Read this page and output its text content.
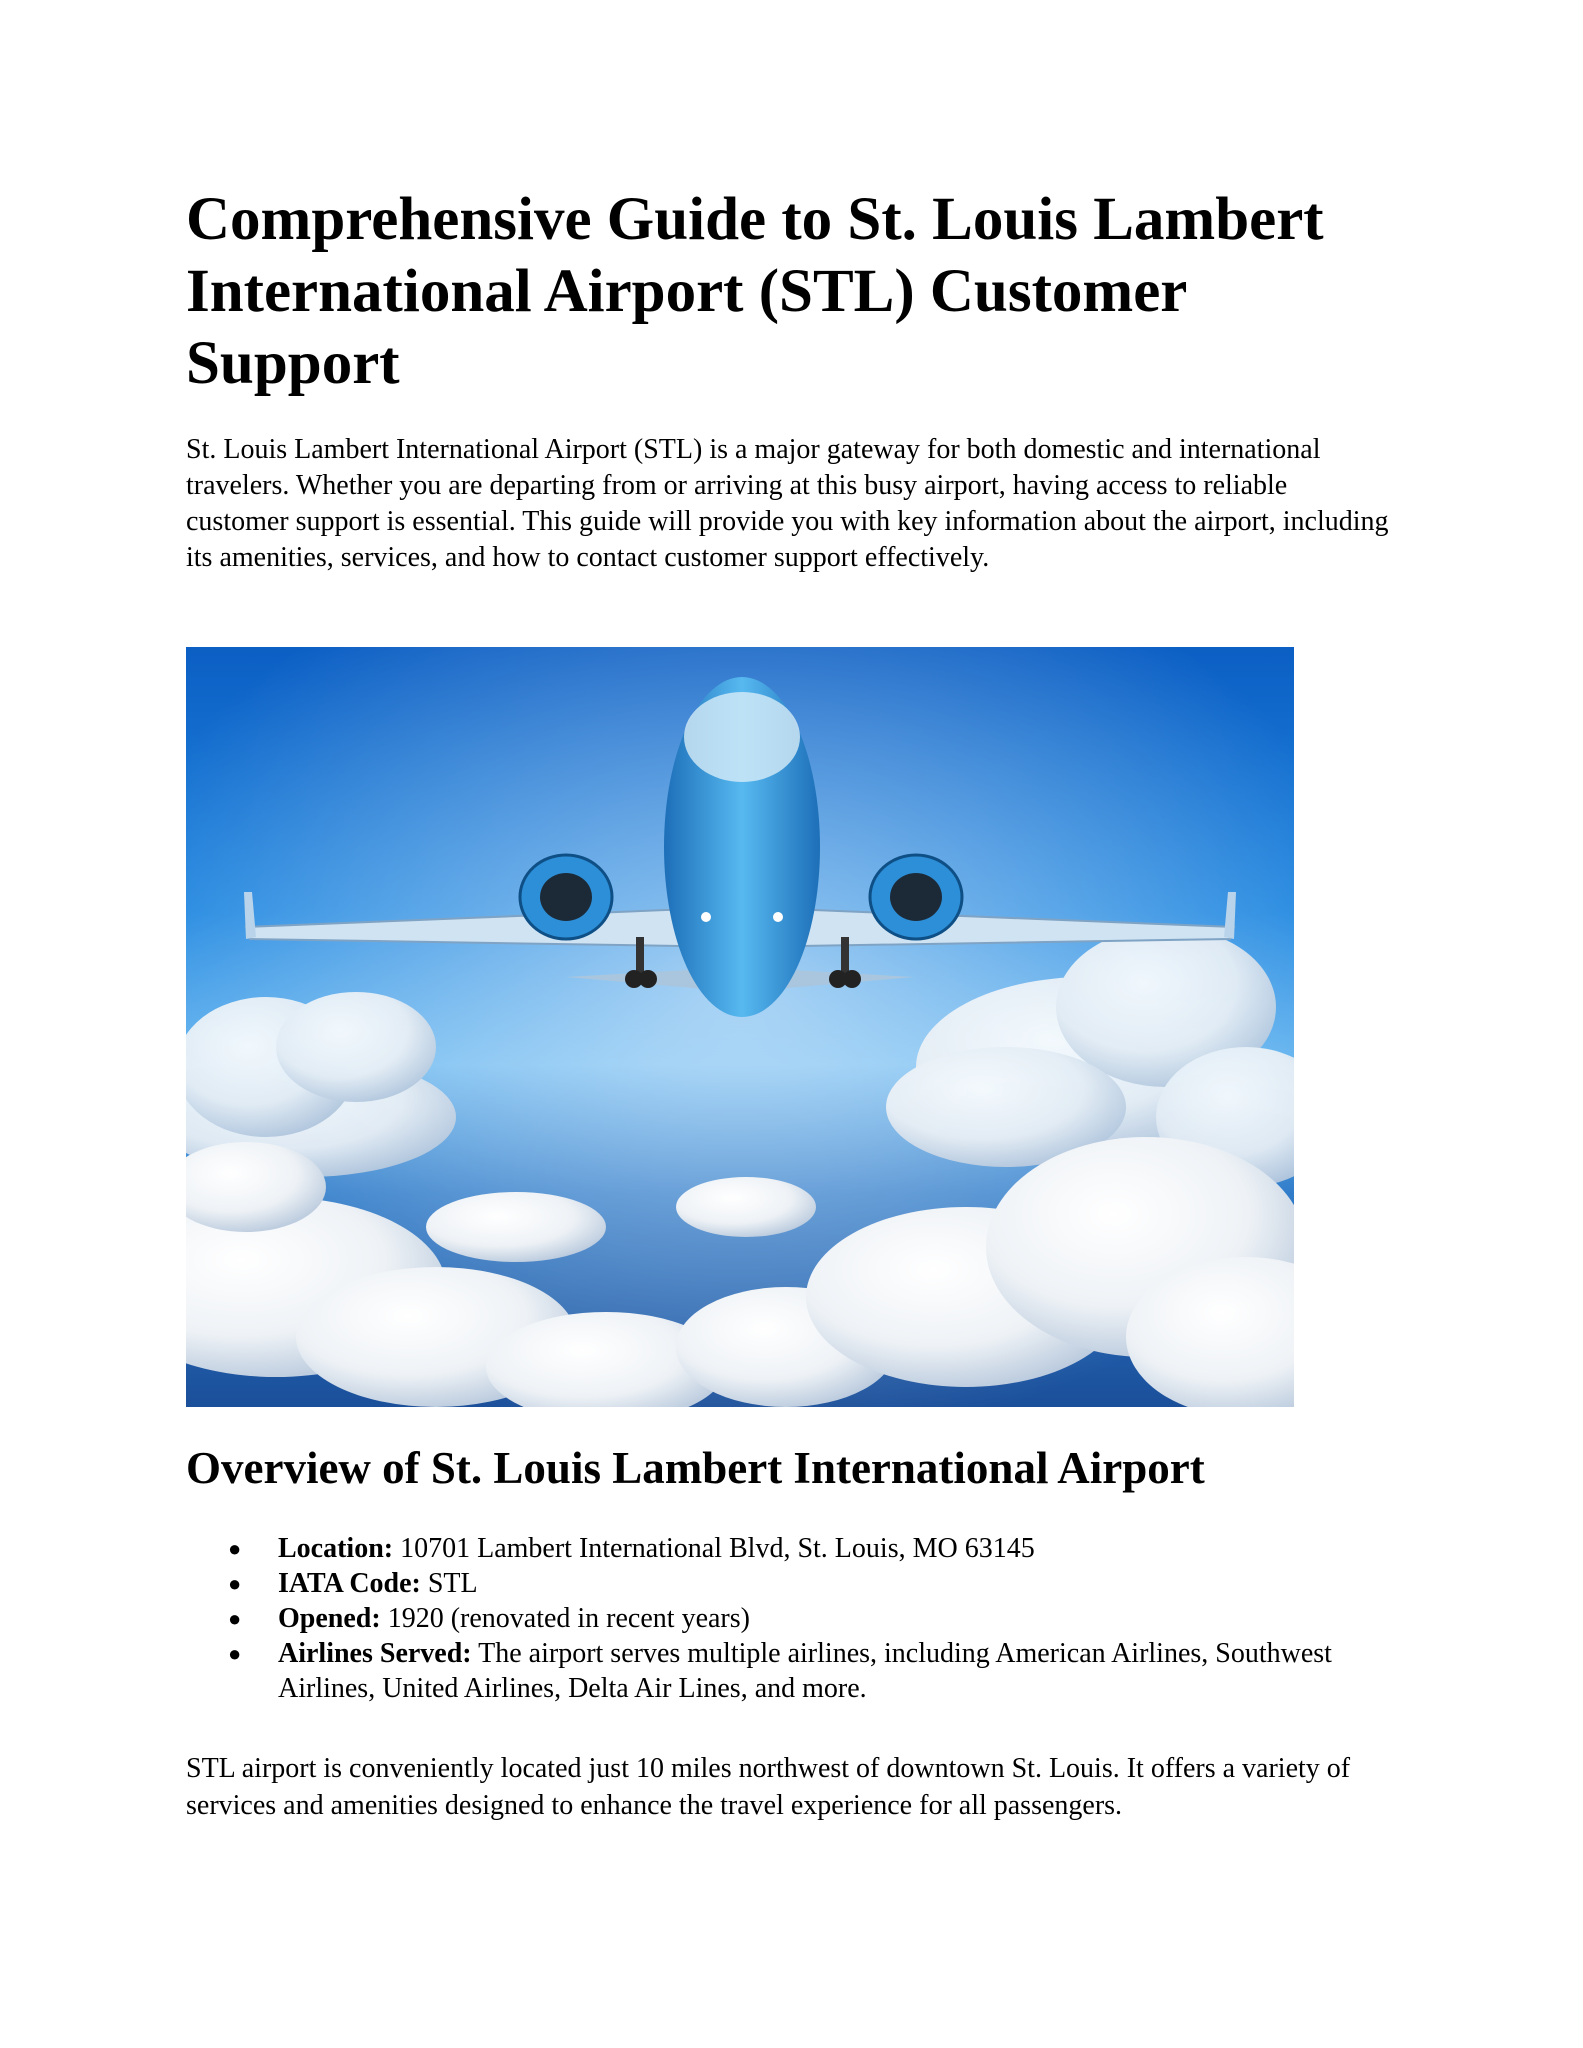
Comprehensive Guide to St. Louis Lambert International Airport (STL) Customer Support

St. Louis Lambert International Airport (STL) is a major gateway for both domestic and international travelers. Whether you are departing from or arriving at this busy airport, having access to reliable customer support is essential. This guide will provide you with key information about the airport, including its amenities, services, and how to contact customer support effectively.

Overview of St. Louis Lambert International Airport
● Location: 10701 Lambert International Blvd, St. Louis, MO 63145
● IATA Code: STL
● Opened: 1920 (renovated in recent years)
● Airlines Served: The airport serves multiple airlines, including American Airlines, Southwest Airlines, United Airlines, Delta Air Lines, and more.

STL airport is conveniently located just 10 miles northwest of downtown St. Louis. It offers a variety of services and amenities designed to enhance the travel experience for all passengers.
